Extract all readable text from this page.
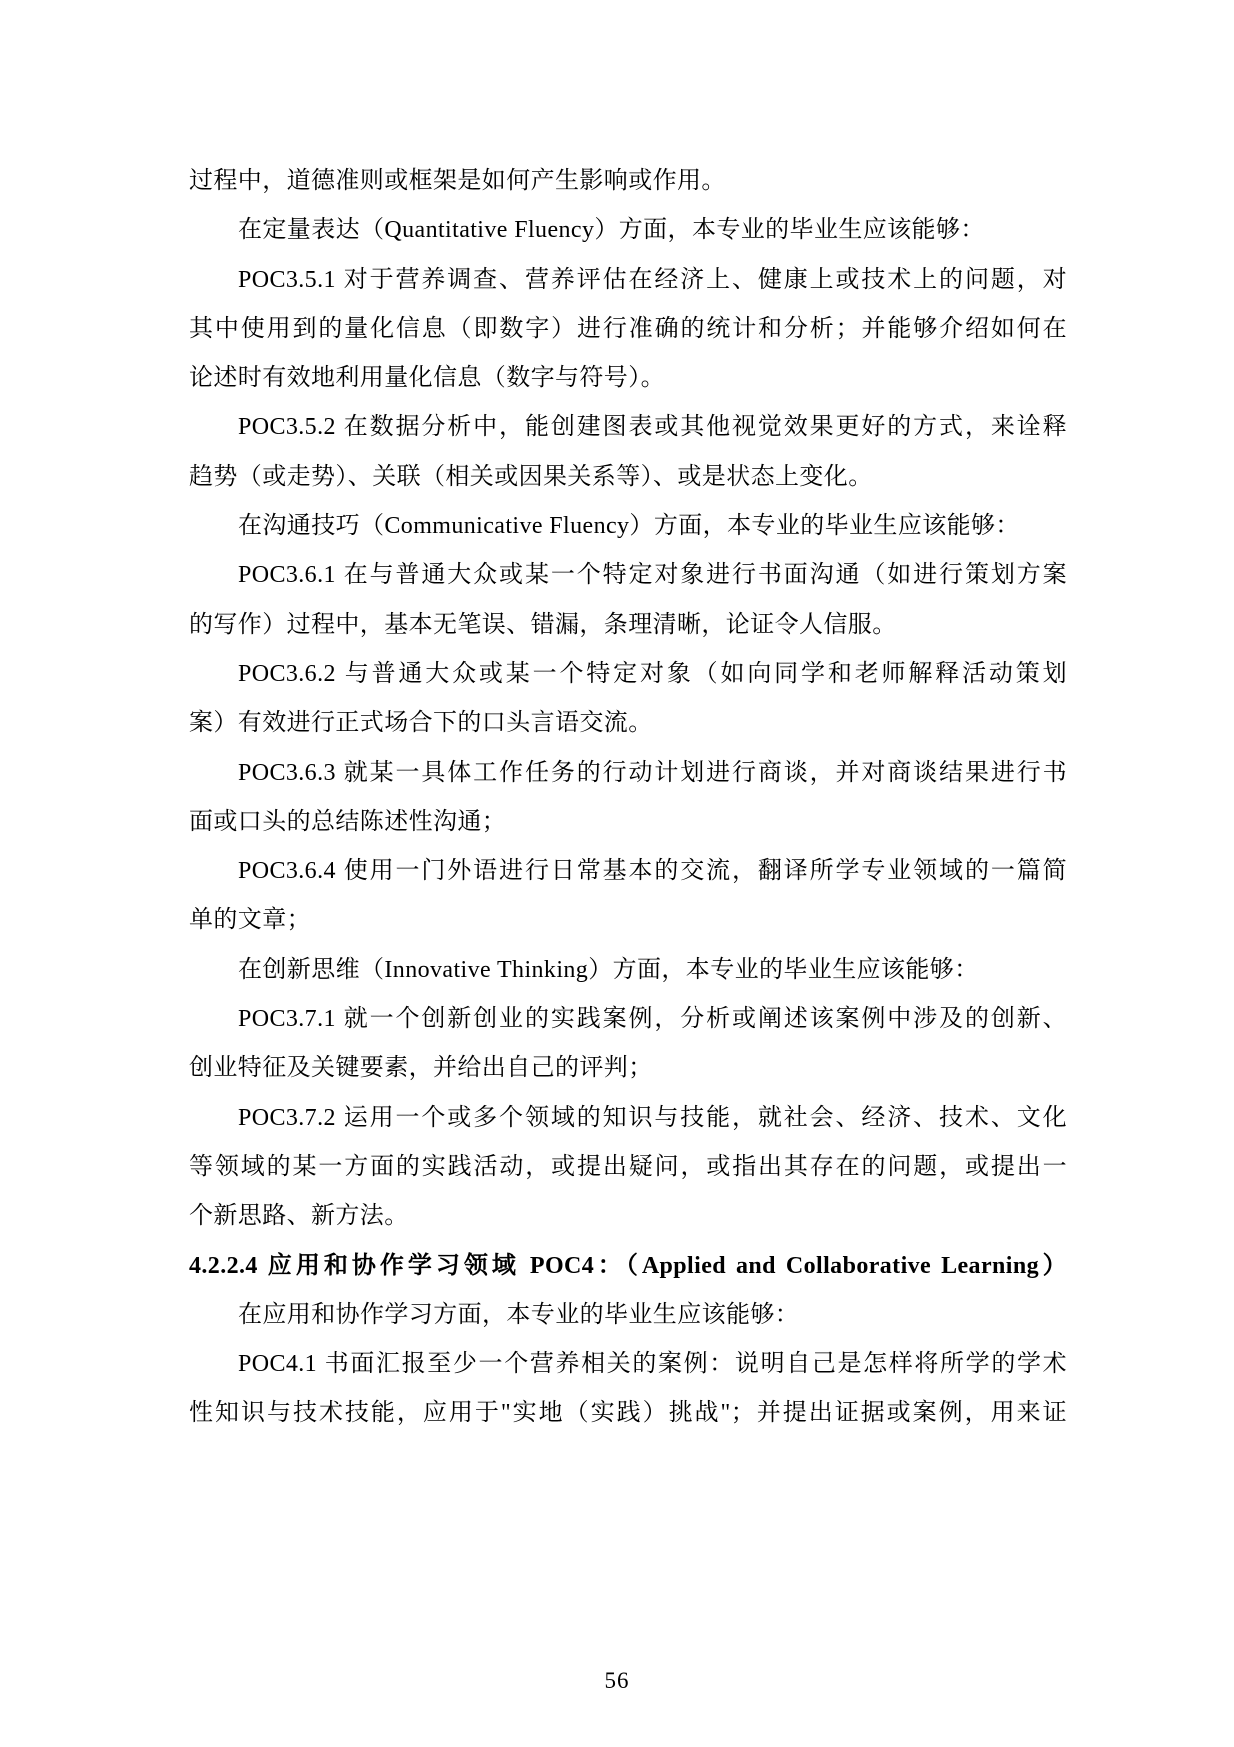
过程中，道德准则或框架是如何产生影响或作用。
在定量表达（Quantitative Fluency）方面，本专业的毕业生应该能够：
POC3.5.1 对于营养调查、营养评估在经济上、健康上或技术上的问题，对
其中使用到的量化信息（即数字）进行准确的统计和分析；并能够介绍如何在
论述时有效地利用量化信息（数字与符号）。
POC3.5.2 在数据分析中，能创建图表或其他视觉效果更好的方式，来诠释
趋势（或走势）、关联（相关或因果关系等）、或是状态上变化。
在沟通技巧（Communicative Fluency）方面，本专业的毕业生应该能够：
POC3.6.1 在与普通大众或某一个特定对象进行书面沟通（如进行策划方案
的写作）过程中，基本无笔误、错漏，条理清晰，论证令人信服。
POC3.6.2 与普通大众或某一个特定对象（如向同学和老师解释活动策划
案）有效进行正式场合下的口头言语交流。
POC3.6.3 就某一具体工作任务的行动计划进行商谈，并对商谈结果进行书
面或口头的总结陈述性沟通；
POC3.6.4 使用一门外语进行日常基本的交流，翻译所学专业领域的一篇简
单的文章；
在创新思维（Innovative Thinking）方面，本专业的毕业生应该能够：
POC3.7.1 就一个创新创业的实践案例，分析或阐述该案例中涉及的创新、
创业特征及关键要素，并给出自己的评判；
POC3.7.2 运用一个或多个领域的知识与技能，就社会、经济、技术、文化
等领域的某一方面的实践活动，或提出疑问，或指出其存在的问题，或提出一
个新思路、新方法。
4.2.2.4 应用和协作学习领域 POC4：（Applied and Collaborative Learning）
在应用和协作学习方面，本专业的毕业生应该能够：
POC4.1 书面汇报至少一个营养相关的案例：说明自己是怎样将所学的学术
性知识与技术技能，应用于"实地（实践）挑战"；并提出证据或案例，用来证
56
